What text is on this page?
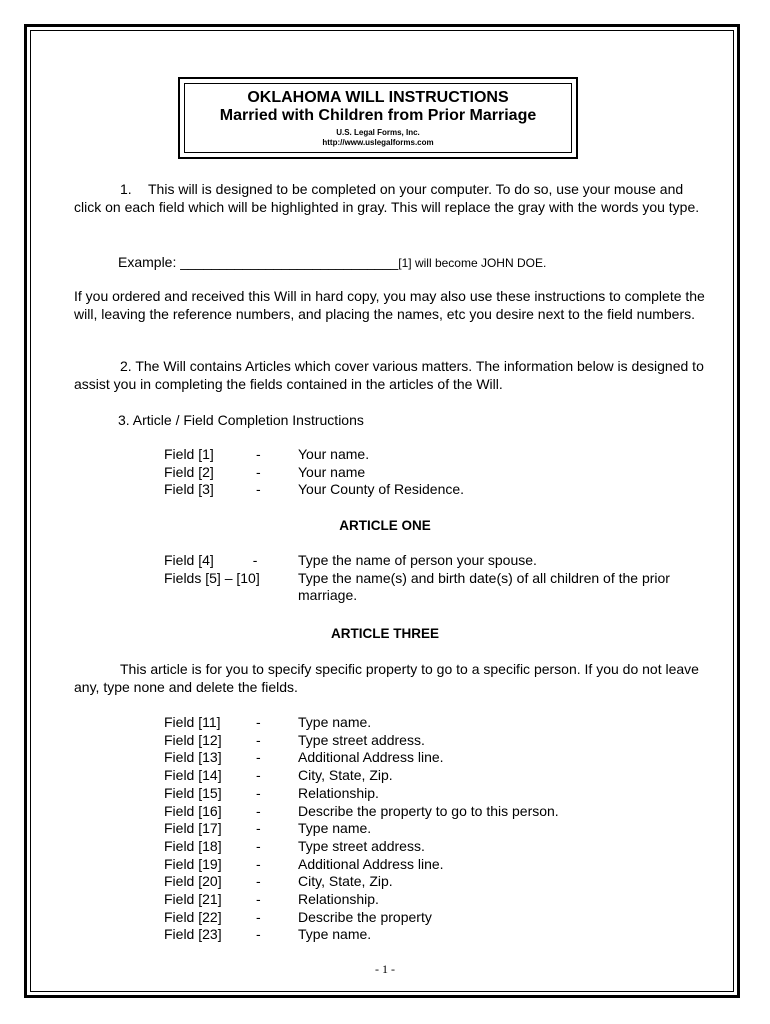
OKLAHOMA WILL INSTRUCTIONS
Married with Children from Prior Marriage
U.S. Legal Forms, Inc.
http://www.uslegalforms.com
1. This will is designed to be completed on your computer. To do so, use your mouse and click on each field which will be highlighted in gray. This will replace the gray with the words you type.
Example: ____________________________[1] will become JOHN DOE.
If you ordered and received this Will in hard copy, you may also use these instructions to complete the will, leaving the reference numbers, and placing the names, etc you desire next to the field numbers.
2. The Will contains Articles which cover various matters. The information below is designed to assist you in completing the fields contained in the articles of the Will.
3. Article / Field Completion Instructions
Field [1]	-	Your name.
Field [2]	-	Your name
Field [3]	-	Your County of Residence.
ARTICLE ONE
Field [4]          -	Type the name of person your spouse.
Fields [5] – [10]	Type the name(s) and birth date(s) of all children of the prior marriage.
ARTICLE THREE
This article is for you to specify specific property to go to a specific person. If you do not leave any, type none and delete the fields.
Field [11]	-	Type name.
Field [12]	-	Type street address.
Field [13]	-	Additional Address line.
Field [14]	-	City, State, Zip.
Field [15]	-	Relationship.
Field [16]	-	Describe the property to go to this person.
Field [17]	-	Type name.
Field [18]	-	Type street address.
Field [19]	-	Additional Address line.
Field [20]	-	City, State, Zip.
Field [21]	-	Relationship.
Field [22]	-	Describe the property
Field [23]	-	Type name.
- 1 -
